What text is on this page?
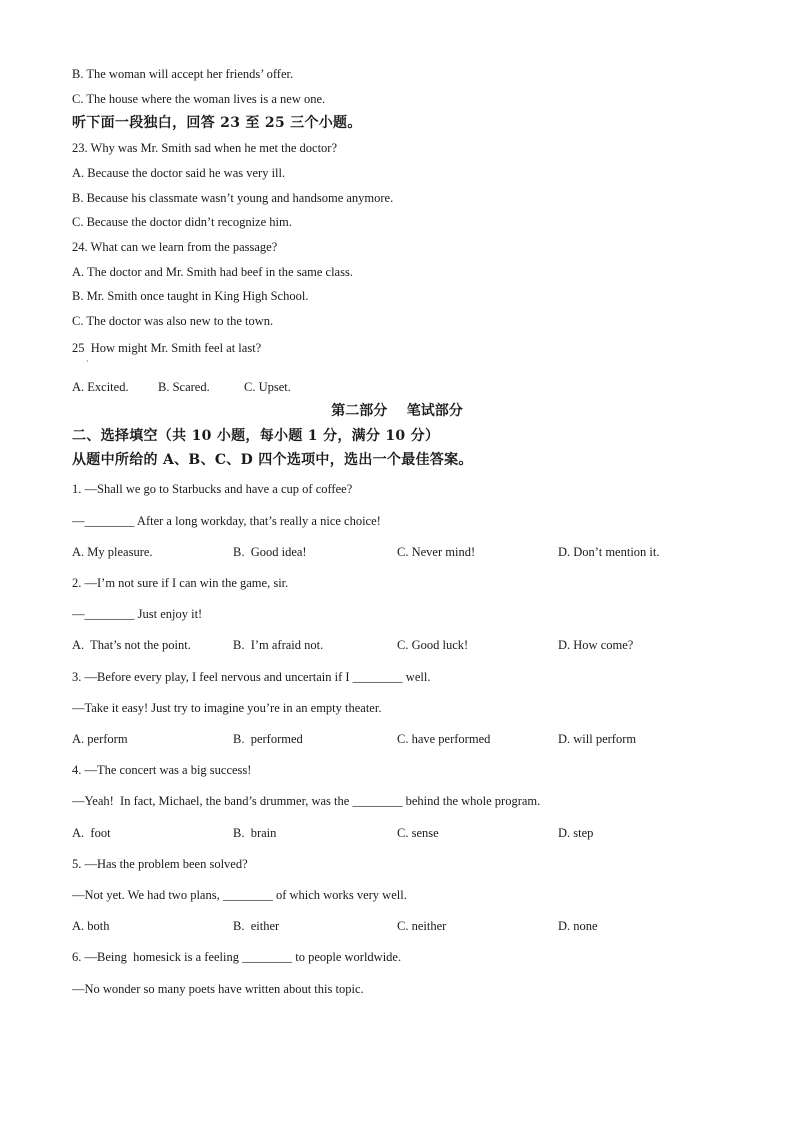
B. The woman will accept her friends’ offer.
C. The house where the woman lives is a new one.
听下面一段独白，回答 23 至 25 三个小题。
23. Why was Mr. Smith sad when he met the doctor?
A. Because the doctor said he was very ill.
B. Because his classmate wasn’t young and handsome anymore.
C. Because the doctor didn’t recognize him.
24. What can we learn from the passage?
A. The doctor and Mr. Smith had beef in the same class.
B. Mr. Smith once taught in King High School.
C. The doctor was also new to the town.
25  How might Mr. Smith feel at last?
·
A. Excited. B. Scared.	C. Upset.
第二部分    笔试部分
二、选择填空（共 10 小题，每小题 1 分，满分 10 分）
从题中所给的 A、B、C、D 四个选项中，选出一个最佳答案。
1. —Shall we go to Starbucks and have a cup of coffee?
—________ After a long workday, that’s really a nice choice!
A. My pleasure.	B.  Good idea!	C. Never mind!	D. Don’t mention it.
2. —I’m not sure if I can win the game, sir.
—________ Just enjoy it!
A.  That’s not the point.	B.  I’m afraid not.	C. Good luck!	D. How come?
3. —Before every play, I feel nervous and uncertain if I ________ well.
—Take it easy! Just try to imagine you’re in an empty theater.
A. perform	B.  performed	C. have performed	D. will perform
4. —The concert was a big success!
—Yeah!  In fact, Michael, the band’s drummer, was the ________ behind the whole program.
A.  foot	B.  brain	C. sense	D. step
5. —Has the problem been solved?
—Not yet. We had two plans, ________ of which works very well.
A. both	B.  either	C. neither	D. none
6. —Being  homesick is a feeling ________ to people worldwide.
—No wonder so many poets have written about this topic.
